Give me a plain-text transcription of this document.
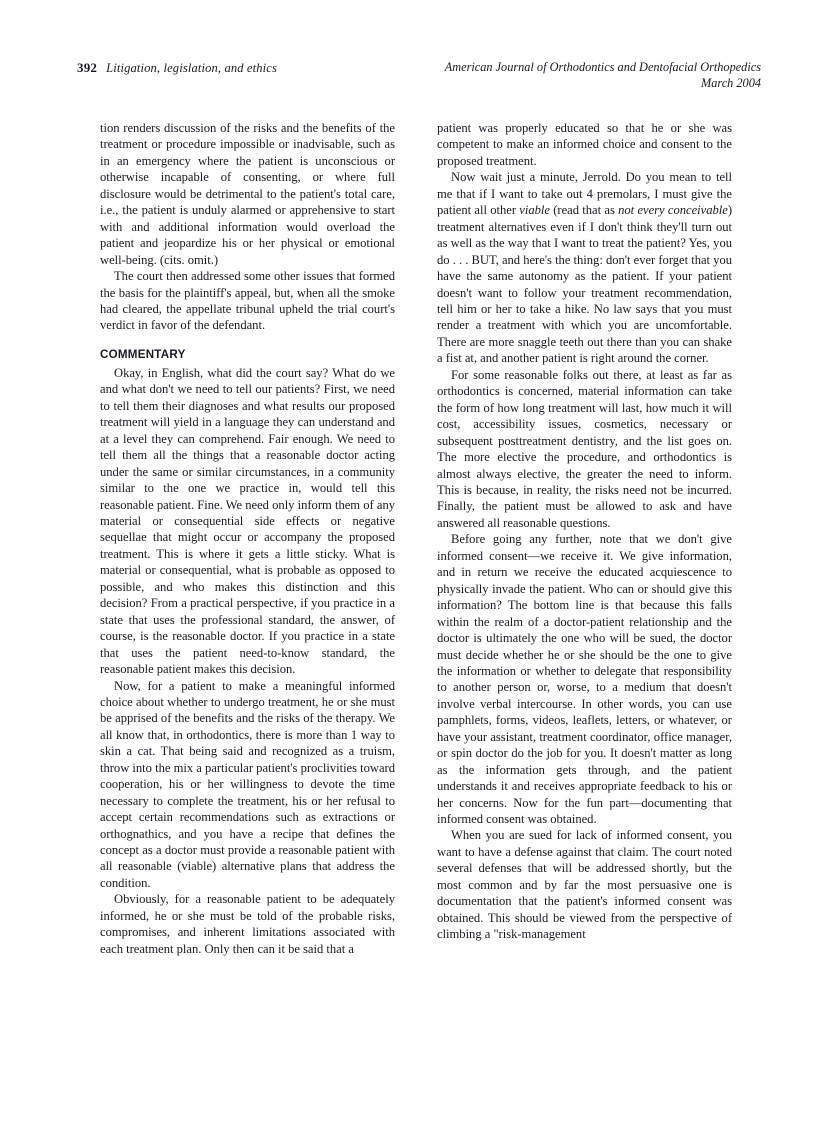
392 Litigation, legislation, and ethics	American Journal of Orthodontics and Dentofacial Orthopedics
March 2004

tion renders discussion of the risks and the benefits of the treatment or procedure impossible or inadvisable, such as in an emergency where the patient is unconscious or otherwise incapable of consenting, or where full disclosure would be detrimental to the patient's total care, i.e., the patient is unduly alarmed or apprehensive to start with and additional information would overload the patient and jeopardize his or her physical or emotional well-being. (cits. omit.)

The court then addressed some other issues that formed the basis for the plaintiff's appeal, but, when all the smoke had cleared, the appellate tribunal upheld the trial court's verdict in favor of the defendant.

COMMENTARY

Okay, in English, what did the court say? What do we and what don't we need to tell our patients? First, we need to tell them their diagnoses and what results our proposed treatment will yield in a language they can understand and at a level they can comprehend. Fair enough. We need to tell them all the things that a reasonable doctor acting under the same or similar circumstances, in a community similar to the one we practice in, would tell this reasonable patient. Fine. We need only inform them of any material or consequential side effects or negative sequellae that might occur or accompany the proposed treatment. This is where it gets a little sticky. What is material or consequential, what is probable as opposed to possible, and who makes this distinction and this decision? From a practical perspective, if you practice in a state that uses the professional standard, the answer, of course, is the reasonable doctor. If you practice in a state that uses the patient need-to-know standard, the reasonable patient makes this decision.

Now, for a patient to make a meaningful informed choice about whether to undergo treatment, he or she must be apprised of the benefits and the risks of the therapy. We all know that, in orthodontics, there is more than 1 way to skin a cat. That being said and recognized as a truism, throw into the mix a particular patient's proclivities toward cooperation, his or her willingness to devote the time necessary to complete the treatment, his or her refusal to accept certain recommendations such as extractions or orthognathics, and you have a recipe that defines the concept as a doctor must provide a reasonable patient with all reasonable (viable) alternative plans that address the condition.

Obviously, for a reasonable patient to be adequately informed, he or she must be told of the probable risks, compromises, and inherent limitations associated with each treatment plan. Only then can it be said that a

patient was properly educated so that he or she was competent to make an informed choice and consent to the proposed treatment.

Now wait just a minute, Jerrold. Do you mean to tell me that if I want to take out 4 premolars, I must give the patient all other viable (read that as not every conceivable) treatment alternatives even if I don't think they'll turn out as well as the way that I want to treat the patient? Yes, you do . . . BUT, and here's the thing: don't ever forget that you have the same autonomy as the patient. If your patient doesn't want to follow your treatment recommendation, tell him or her to take a hike. No law says that you must render a treatment with which you are uncomfortable. There are more snaggle teeth out there than you can shake a fist at, and another patient is right around the corner.

For some reasonable folks out there, at least as far as orthodontics is concerned, material information can take the form of how long treatment will last, how much it will cost, accessibility issues, cosmetics, necessary or subsequent posttreatment dentistry, and the list goes on. The more elective the procedure, and orthodontics is almost always elective, the greater the need to inform. This is because, in reality, the risks need not be incurred. Finally, the patient must be allowed to ask and have answered all reasonable questions.

Before going any further, note that we don't give informed consent—we receive it. We give information, and in return we receive the educated acquiescence to physically invade the patient. Who can or should give this information? The bottom line is that because this falls within the realm of a doctor-patient relationship and the doctor is ultimately the one who will be sued, the doctor must decide whether he or she should be the one to give the information or whether to delegate that responsibility to another person or, worse, to a medium that doesn't involve verbal intercourse. In other words, you can use pamphlets, forms, videos, leaflets, letters, or whatever, or have your assistant, treatment coordinator, office manager, or spin doctor do the job for you. It doesn't matter as long as the information gets through, and the patient understands it and receives appropriate feedback to his or her concerns. Now for the fun part—documenting that informed consent was obtained.

When you are sued for lack of informed consent, you want to have a defense against that claim. The court noted several defenses that will be addressed shortly, but the most common and by far the most persuasive one is documentation that the patient's informed consent was obtained. This should be viewed from the perspective of climbing a "risk-management
